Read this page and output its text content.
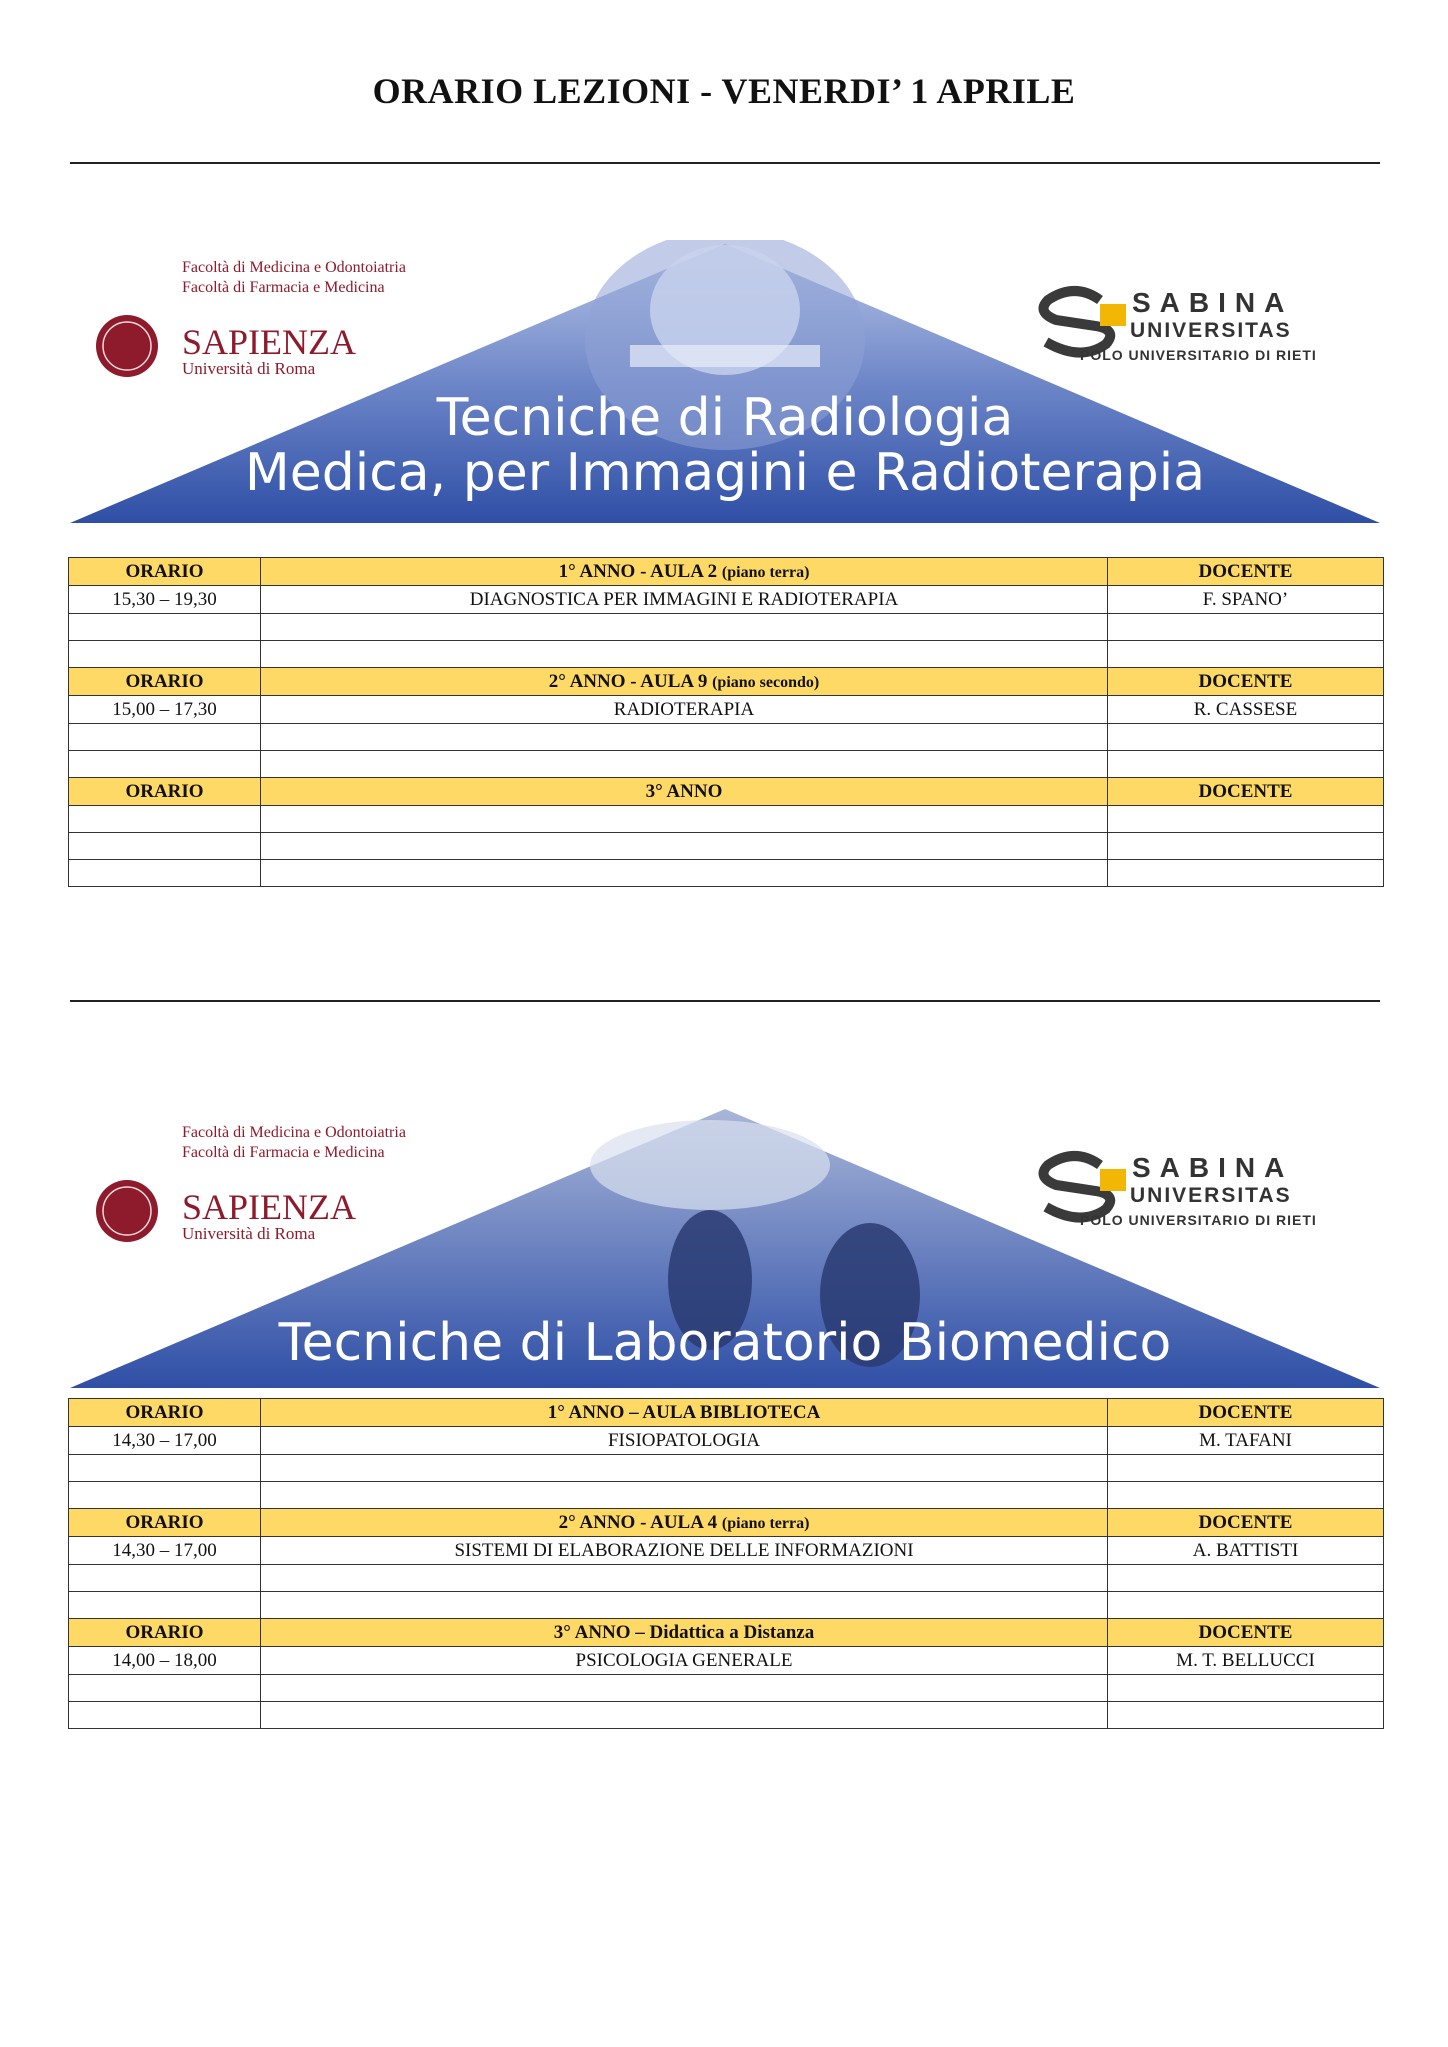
ORARIO LEZIONI - VENERDI’ 1 APRILE
Tecniche di Radiologia
Medica, per Immagini e Radioterapia
Facoltà di Medicina e Odontoiatria
Facoltà di Farmacia e Medicina
SAPIENZA
Università di Roma
SABINA
UNIVERSITAS
POLO UNIVERSITARIO DI RIETI
ORARIO	1° ANNO - AULA 2 (piano terra)	DOCENTE
15,30 – 19,30	DIAGNOSTICA PER IMMAGINI E RADIOTERAPIA	F. SPANO’

ORARIO	2° ANNO - AULA 9 (piano secondo)	DOCENTE
15,00 – 17,30	RADIOTERAPIA	R. CASSESE

ORARIO	3° ANNO	DOCENTE

Tecniche di Laboratorio Biomedico
Facoltà di Medicina e Odontoiatria
Facoltà di Farmacia e Medicina
SAPIENZA
Università di Roma
SABINA
UNIVERSITAS
POLO UNIVERSITARIO DI RIETI
ORARIO	1° ANNO – AULA BIBLIOTECA	DOCENTE
14,30 – 17,00	FISIOPATOLOGIA	M. TAFANI

ORARIO	2° ANNO - AULA 4 (piano terra)	DOCENTE
14,30 – 17,00	SISTEMI DI ELABORAZIONE DELLE INFORMAZIONI	A. BATTISTI

ORARIO	3° ANNO – Didattica a Distanza	DOCENTE
14,00 – 18,00	PSICOLOGIA GENERALE	M. T. BELLUCCI
